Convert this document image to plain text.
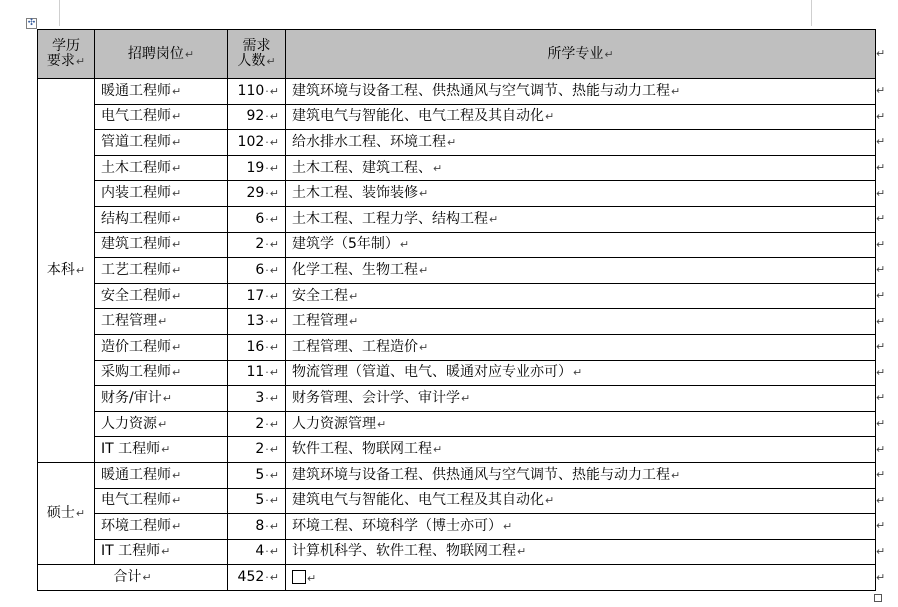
✣
学历
要求↵	招聘岗位↵	需求
人数↵	所学专业↵
本科↵	暖通工程师↵	110·↵	建筑环境与设备工程、供热通风与空气调节、热能与动力工程↵
	电气工程师↵	92·↵	建筑电气与智能化、电气工程及其自动化↵
	管道工程师↵	102·↵	给水排水工程、环境工程↵
	土木工程师↵	19·↵	土木工程、建筑工程、↵
	内装工程师↵	29·↵	土木工程、装饰装修↵
	结构工程师↵	6·↵	土木工程、工程力学、结构工程↵
	建筑工程师↵	2·↵	建筑学（5年制）↵
	工艺工程师↵	6·↵	化学工程、生物工程↵
	安全工程师↵	17·↵	安全工程↵
	工程管理↵	13·↵	工程管理↵
	造价工程师↵	16·↵	工程管理、工程造价↵
	采购工程师↵	11·↵	物流管理（管道、电气、暖通对应专业亦可）↵
	财务/审计↵	3·↵	财务管理、会计学、审计学↵
	人力资源↵	2·↵	人力资源管理↵
	IT 工程师↵	2·↵	软件工程、物联网工程↵
硕士↵	暖通工程师↵	5·↵	建筑环境与设备工程、供热通风与空气调节、热能与动力工程↵
	电气工程师↵	5·↵	建筑电气与智能化、电气工程及其自动化↵
	环境工程师↵	8·↵	环境工程、环境科学（博士亦可）↵
	IT 工程师↵	4·↵	计算机科学、软件工程、物联网工程↵
合计↵		452·↵	↵
↵
↵
↵
↵
↵
↵
↵
↵
↵
↵
↵
↵
↵
↵
↵
↵
↵
↵
↵
↵
↵
